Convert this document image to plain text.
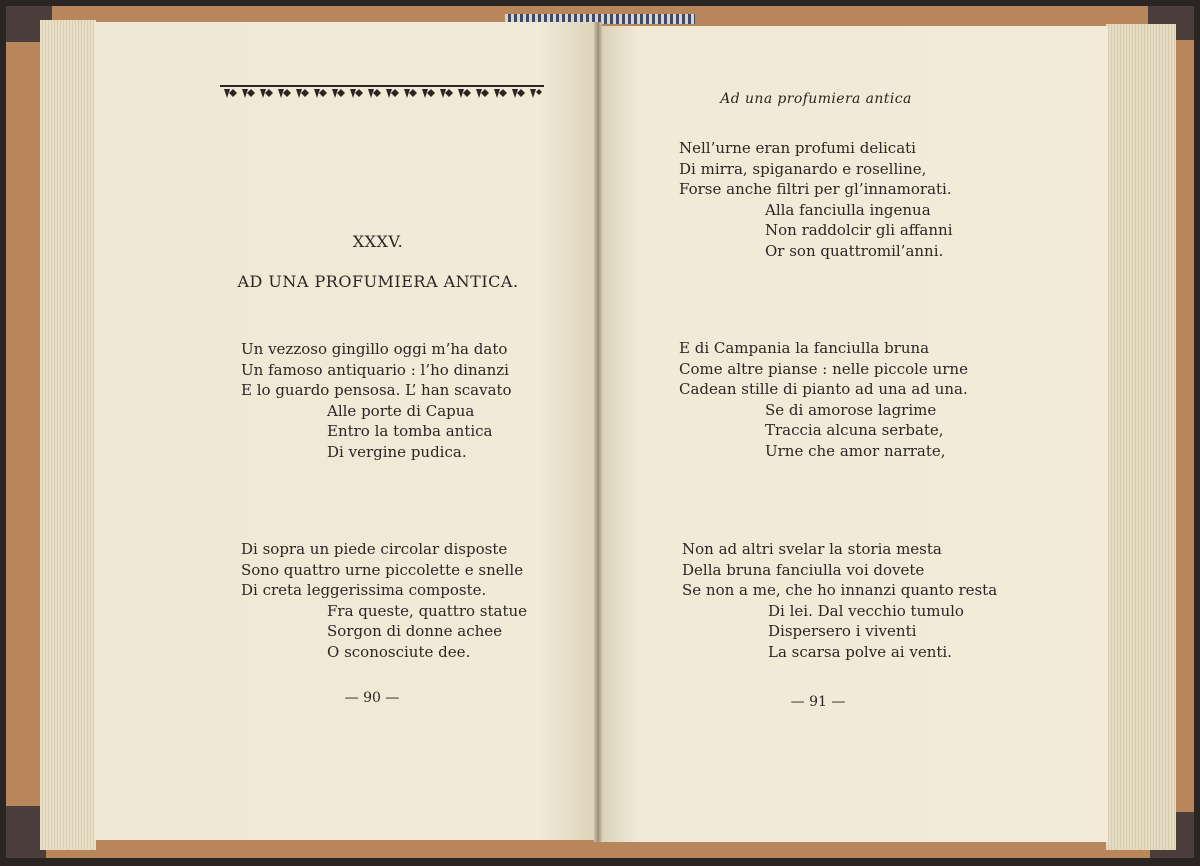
XXXV.
AD UNA PROFUMIERA ANTICA.
Un vezzoso gingillo oggi m’ha dato
Un famoso antiquario : l’ho dinanzi
E lo guardo pensosa. L’ han scavato
Alle porte di Capua
Entro la tomba antica
Di vergine pudica.
Di sopra un piede circolar disposte
Sono quattro urne piccolette e snelle
Di creta leggerissima composte.
Fra queste, quattro statue
Sorgon di donne achee
O sconosciute dee.
— 90 —
Ad una profumiera antica
Nell’urne eran profumi delicati
Di mirra, spiganardo e roselline,
Forse anche filtri per gl’innamorati.
Alla fanciulla ingenua
Non raddolcir gli affanni
Or son quattromil’anni.
E di Campania la fanciulla bruna
Come altre pianse : nelle piccole urne
Cadean stille di pianto ad una ad una.
Se di amorose lagrime
Traccia alcuna serbate,
Urne che amor narrate,
Non ad altri svelar la storia mesta
Della bruna fanciulla voi dovete
Se non a me, che ho innanzi quanto resta
Di lei. Dal vecchio tumulo
Dispersero i viventi
La scarsa polve ai venti.
— 91 —
